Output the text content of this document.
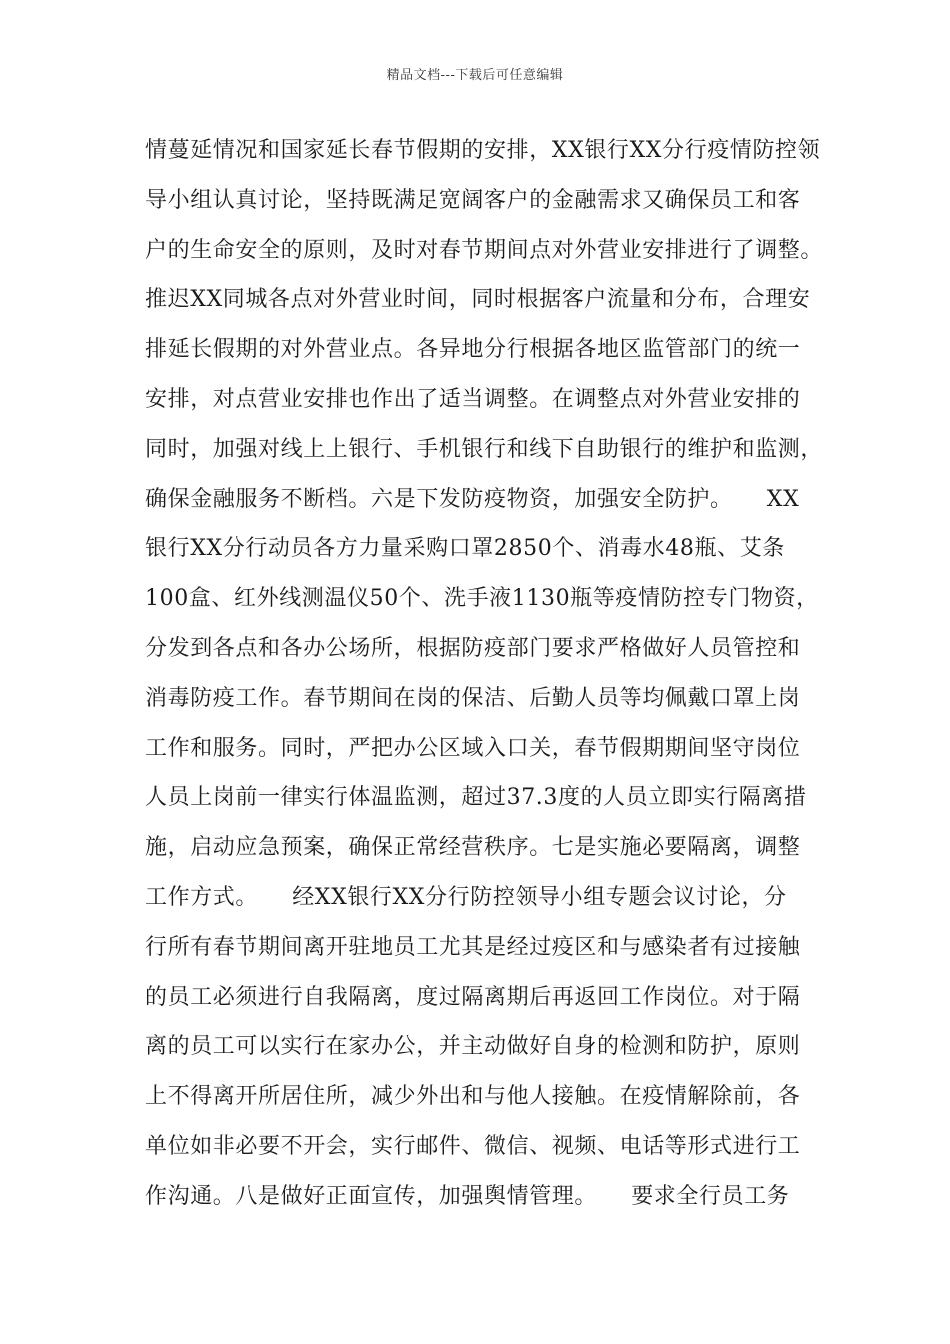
精品文档---下载后可任意编辑
情蔓延情况和国家延长春节假期的安排，XX银行XX分行疫情防控领
导小组认真讨论，坚持既满足宽阔客户的金融需求又确保员工和客
户的生命安全的原则，及时对春节期间点对外营业安排进行了调整。
推迟XX同城各点对外营业时间，同时根据客户流量和分布，合理安
排延长假期的对外营业点。各异地分行根据各地区监管部门的统一
安排，对点营业安排也作出了适当调整。在调整点对外营业安排的
同时，加强对线上上银行、手机银行和线下自助银行的维护和监测，
确保金融服务不断档。六是下发防疫物资，加强安全防护。　　XX
银行XX分行动员各方力量采购口罩2850个、消毒水48瓶、艾条
100盒、红外线测温仪50个、洗手液1130瓶等疫情防控专门物资，
分发到各点和各办公场所，根据防疫部门要求严格做好人员管控和
消毒防疫工作。春节期间在岗的保洁、后勤人员等均佩戴口罩上岗
工作和服务。同时，严把办公区域入口关，春节假期期间坚守岗位
人员上岗前一律实行体温监测，超过37.3度的人员立即实行隔离措
施，启动应急预案，确保正常经营秩序。七是实施必要隔离，调整
工作方式。　　经XX银行XX分行防控领导小组专题会议讨论，分
行所有春节期间离开驻地员工尤其是经过疫区和与感染者有过接触
的员工必须进行自我隔离，度过隔离期后再返回工作岗位。对于隔
离的员工可以实行在家办公，并主动做好自身的检测和防护，原则
上不得离开所居住所，减少外出和与他人接触。在疫情解除前，各
单位如非必要不开会，实行邮件、微信、视频、电话等形式进行工
作沟通。八是做好正面宣传，加强舆情管理。　　要求全行员工务
